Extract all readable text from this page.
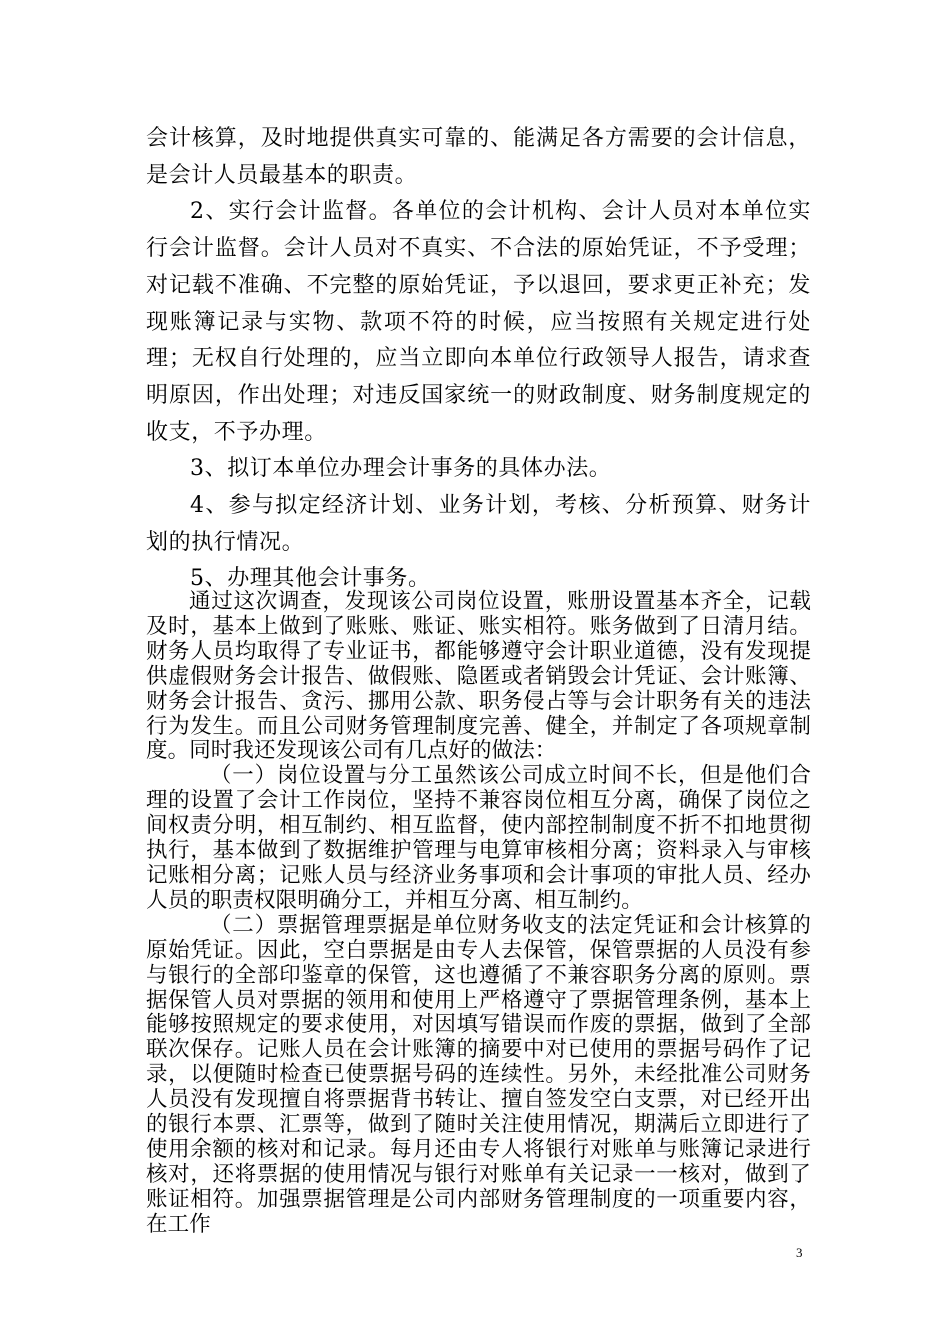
会计核算，及时地提供真实可靠的、能满足各方需要的会计信息，是会计人员最基本的职责。

2、实行会计监督。各单位的会计机构、会计人员对本单位实行会计监督。会计人员对不真实、不合法的原始凭证，不予受理；对记载不准确、不完整的原始凭证，予以退回，要求更正补充；发现账簿记录与实物、款项不符的时候，应当按照有关规定进行处理；无权自行处理的，应当立即向本单位行政领导人报告，请求查明原因，作出处理；对违反国家统一的财政制度、财务制度规定的收支，不予办理。

3、拟订本单位办理会计事务的具体办法。

4、参与拟定经济计划、业务计划，考核、分析预算、财务计划的执行情况。

5、办理其他会计事务。

通过这次调查，发现该公司岗位设置，账册设置基本齐全，记载及时，基本上做到了账账、账证、账实相符。账务做到了日清月结。财务人员均取得了专业证书，都能够遵守会计职业道德，没有发现提供虚假财务会计报告、做假账、隐匿或者销毁会计凭证、会计账簿、财务会计报告、贪污、挪用公款、职务侵占等与会计职务有关的违法行为发生。而且公司财务管理制度完善、健全，并制定了各项规章制度。同时我还发现该公司有几点好的做法：

（一）岗位设置与分工虽然该公司成立时间不长，但是他们合理的设置了会计工作岗位，坚持不兼容岗位相互分离，确保了岗位之间权责分明，相互制约、相互监督，使内部控制制度不折不扣地贯彻执行，基本做到了数据维护管理与电算审核相分离；资料录入与审核记账相分离；记账人员与经济业务事项和会计事项的审批人员、经办人员的职责权限明确分工，并相互分离、相互制约。

（二）票据管理票据是单位财务收支的法定凭证和会计核算的原始凭证。因此，空白票据是由专人去保管，保管票据的人员没有参与银行的全部印鉴章的保管，这也遵循了不兼容职务分离的原则。票据保管人员对票据的领用和使用上严格遵守了票据管理条例，基本上能够按照规定的要求使用，对因填写错误而作废的票据，做到了全部联次保存。记账人员在会计账簿的摘要中对已使用的票据号码作了记录，以便随时检查已使票据号码的连续性。另外，未经批准公司财务人员没有发现擅自将票据背书转让、擅自签发空白支票，对已经开出的银行本票、汇票等，做到了随时关注使用情况，期满后立即进行了使用余额的核对和记录。每月还由专人将银行对账单与账簿记录进行核对，还将票据的使用情况与银行对账单有关记录一一核对，做到了账证相符。加强票据管理是公司内部财务管理制度的一项重要内容，在工作

3
